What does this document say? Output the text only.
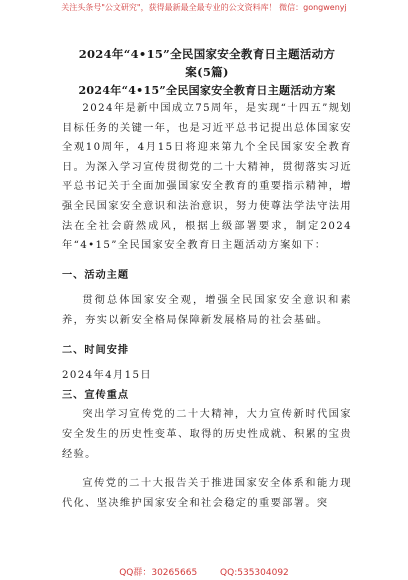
关注头条号"公文研究"，获得最新最全最专业的公文资料库！ 微信：gongwenyj
2024年“4•15”全民国家安全教育日主题活动方
案(5篇)
2024年“4•15”全民国家安全教育日主题活动方案

2024年是新中国成立75周年，是实现“十四五”规划目标任务的关键一年，也是习近平总书记提出总体国家安全观10周年，4月15日将迎来第九个全民国家安全教育日。为深入学习宣传贯彻党的二十大精神，贯彻落实习近平总书记关于全面加强国家安全教育的重要指示精神，增强全民国家安全意识和法治意识，努力使尊法学法守法用法在全社会蔚然成风，根据上级部署要求，制定2024年“4•15”全民国家安全教育日主题活动方案如下：

一、活动主题

贯彻总体国家安全观，增强全民国家安全意识和素养，夯实以新安全格局保障新发展格局的社会基础。

二、时间安排

2024年4月15日

三、宣传重点

突出学习宣传党的二十大精神，大力宣传新时代国家安全发生的历史性变革、取得的历史性成就、积累的宝贵经验。

宣传党的二十大报告关于推进国家安全体系和能力现代化、坚决维护国家安全和社会稳定的重要部署。突

QQ群：30265665	QQ:535304092
